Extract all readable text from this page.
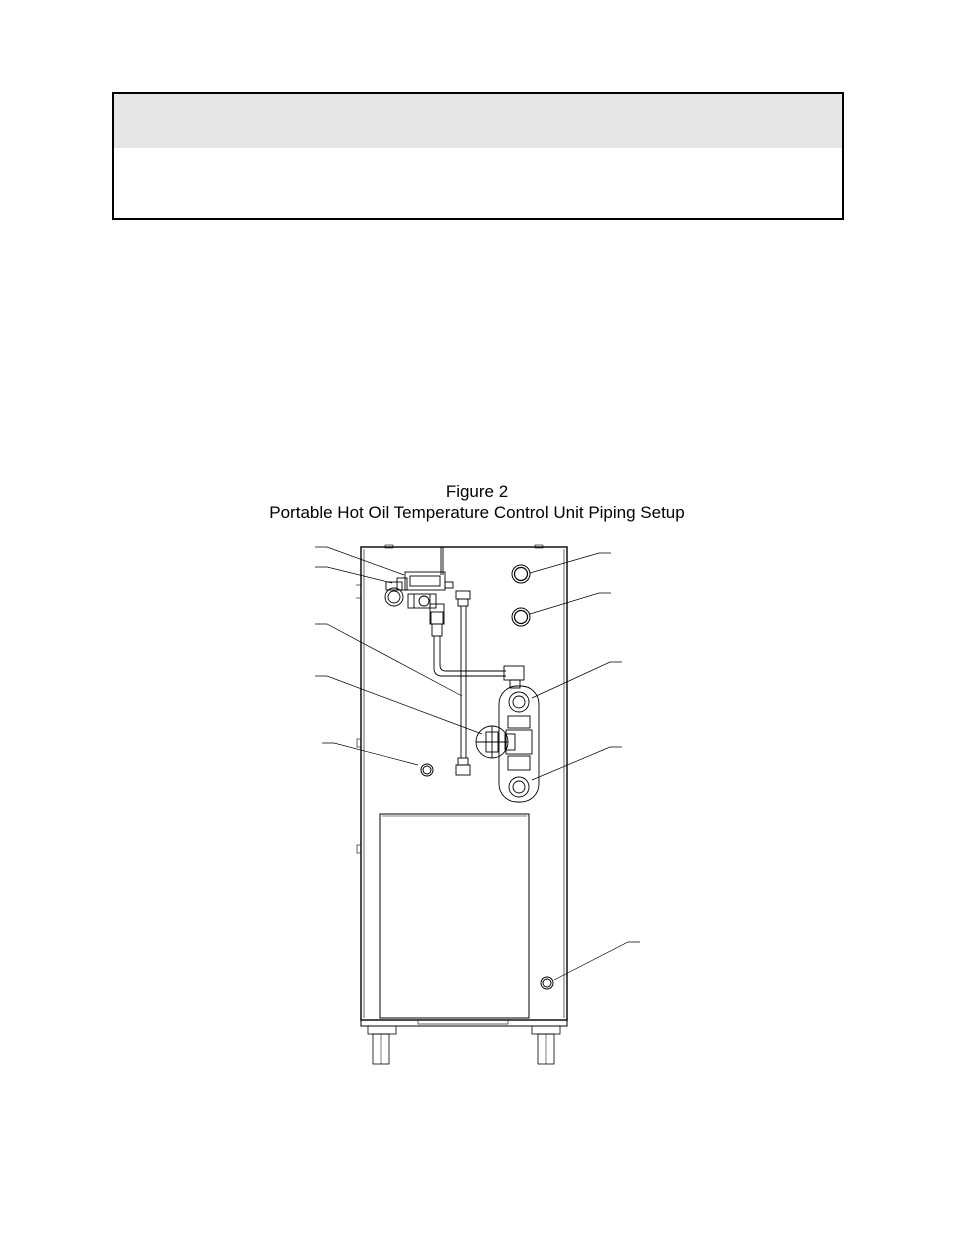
Figure 2
Portable Hot Oil Temperature Control Unit Piping Setup
